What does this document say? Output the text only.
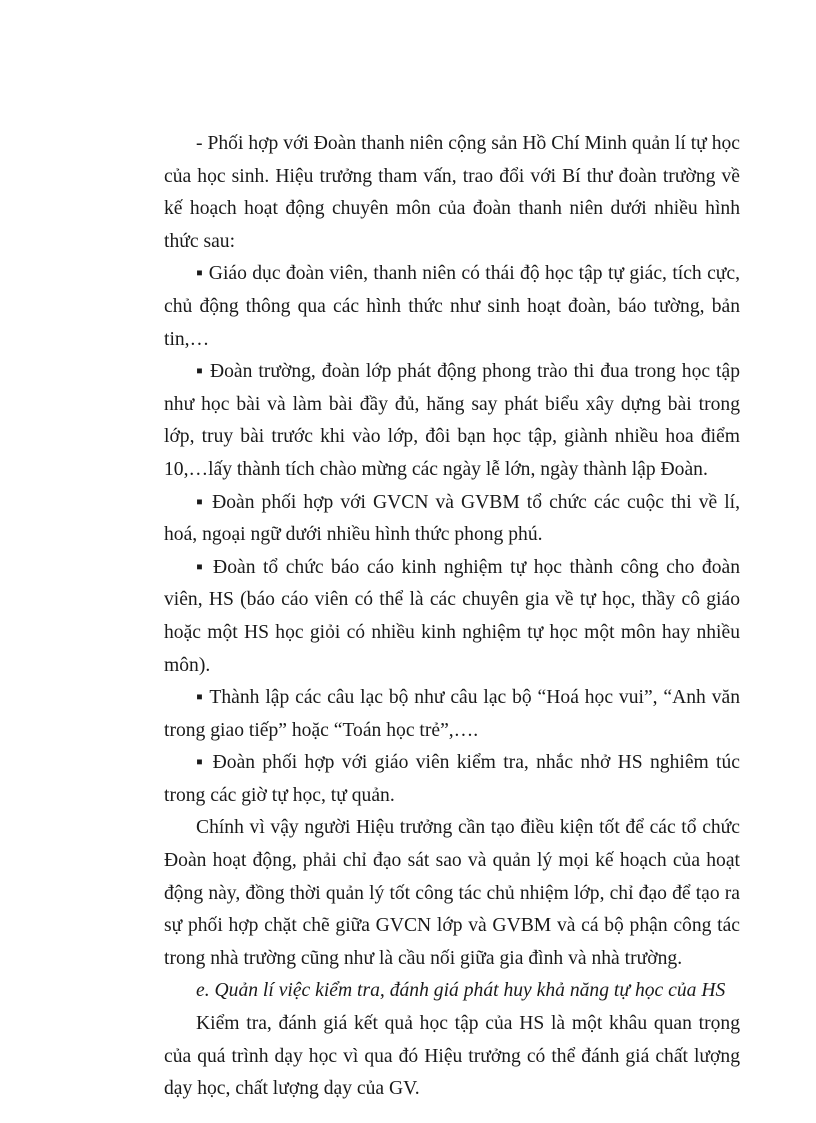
- Phối hợp với Đoàn thanh niên cộng sản Hồ Chí Minh quản lí tự học của học sinh. Hiệu trưởng tham vấn, trao đổi với Bí thư đoàn trường về kế hoạch hoạt động chuyên môn của đoàn thanh niên dưới nhiều hình thức sau:

▪ Giáo dục đoàn viên, thanh niên có thái độ học tập tự giác, tích cực, chủ động thông qua các hình thức như sinh hoạt đoàn, báo tường, bản tin,…

▪ Đoàn trường, đoàn lớp phát động phong trào thi đua trong học tập như học bài và làm bài đầy đủ, hăng say phát biểu xây dựng bài trong lớp, truy bài trước khi vào lớp, đôi bạn học tập, giành nhiều hoa điểm 10,…lấy thành tích chào mừng các ngày lễ lớn, ngày thành lập Đoàn.

▪ Đoàn phối hợp với GVCN và GVBM tổ chức các cuộc thi về lí, hoá, ngoại ngữ dưới nhiều hình thức phong phú.

▪ Đoàn tổ chức báo cáo kinh nghiệm tự học thành công cho đoàn viên, HS (báo cáo viên có thể là các chuyên gia về tự học, thầy cô giáo hoặc một HS học giỏi có nhiều kinh nghiệm tự học một môn hay nhiều môn).

▪ Thành lập các câu lạc bộ như câu lạc bộ “Hoá học vui”, “Anh văn trong giao tiếp” hoặc “Toán học trẻ”,….

▪ Đoàn phối hợp với giáo viên kiểm tra, nhắc nhở HS nghiêm túc trong các giờ tự học, tự quản.

Chính vì vậy người Hiệu trưởng cần tạo điều kiện tốt để các tổ chức Đoàn hoạt động, phải chỉ đạo sát sao và quản lý mọi kế hoạch của hoạt động này, đồng thời quản lý tốt công tác chủ nhiệm lớp, chỉ đạo để tạo ra sự phối hợp chặt chẽ giữa GVCN lớp và GVBM và cá bộ phận công tác trong nhà trường cũng như là cầu nối giữa gia đình và nhà trường.

e. Quản lí việc kiểm tra, đánh giá phát huy khả năng tự học của HS

Kiểm tra, đánh giá kết quả học tập của HS là một khâu quan trọng của quá trình dạy học vì qua đó Hiệu trưởng có thể đánh giá chất lượng dạy học, chất lượng dạy của GV.
